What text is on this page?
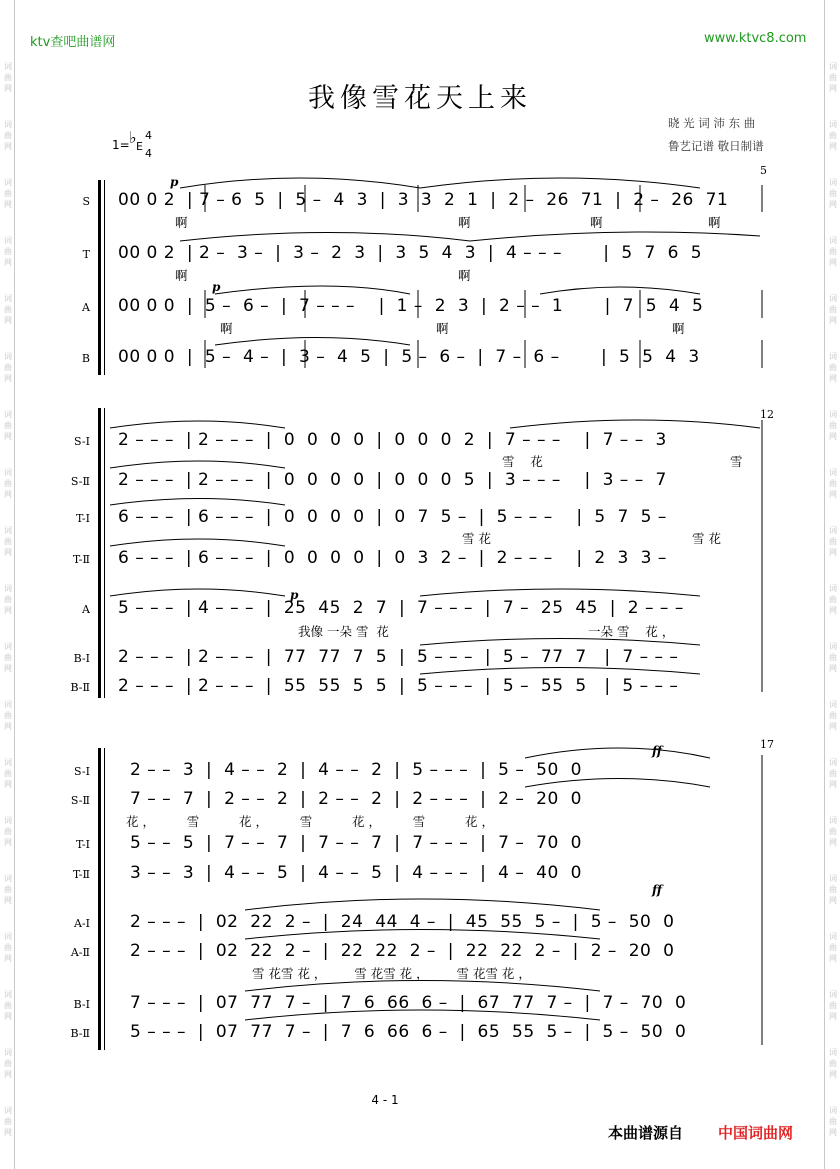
词
曲
网
词
曲
网
词
曲
网
词
曲
网
词
曲
网
词
曲
网
词
曲
网
词
曲
网
词
曲
网
词
曲
网
词
曲
网
词
曲
网
词
曲
网
词
曲
网
词
曲
网
词
曲
网
词
曲
网
词
曲
网
词
曲
网
词
曲
网
词
曲
网
词
曲
网
词
曲
网
词
曲
网
词
曲
网
词
曲
网
词
曲
网
词
曲
网
词
曲
网
词
曲
网
词
曲
网
词
曲
网
词
曲
网
词
曲
网
词
曲
网
词
曲
网
词
曲
网
词
曲
网
ktv查吧曲谱网	www.ktvc8.com
我像雪花天上来
晓 光 词 沛 东 曲
鲁艺记谱 敬日制谱
1= ♭ E
4
4
5
p
p
S 00 0 2  | 7 – 6  5  |  5 –  4  3  |  3  3  2  1  |  2 –  26  71  |  2 –  26  71
啊	啊	啊	啊
T 00 0 2  | 2 –  3 –  |  3 –  2  3  |  3  5  4  3  |  4 – – –       |  5  7  6  5
啊	啊
A 00 0 0  |  5 –  6 –  |  7 – – –    |  1 –  2  3  |  2 – –  1       |  7  5  4  5
啊	啊	啊
B 00 0 0  |  5 –  4 –  |  3 –  4  5  |  5 –  6 –  |  7 –  6 –       |  5  5  4  3
12
p
S-Ⅰ 2 – – –  | 2 – – –  |  0  0  0  0  |  0  0  0  2  |  7 – – –    |  7 – –  3
雪    花	雪
S-Ⅱ 2 – – –  | 2 – – –  |  0  0  0  0  |  0  0  0  5  |  3 – – –    |  3 – –  7
T-Ⅰ 6 – – –  | 6 – – –  |  0  0  0  0  |  0  7  5 –  |  5 – – –    |  5  7  5 –
雪 花	雪 花
T-Ⅱ 6 – – –  | 6 – – –  |  0  0  0  0  |  0  3  2 –  |  2 – – –    |  2  3  3 –
A 5 – – –  | 4 – – –  |  25  45  2  7  |  7 – – –  |  7 –  25  45  |  2 – – –
我像 一朵 雪  花	一朵 雪    花 ，
B-Ⅰ 2 – – –  | 2 – – –  |  77  77  7  5  |  5 – – –  |  5 –  77  7   |  7 – – –
B-Ⅱ 2 – – –  | 2 – – –  |  55  55  5  5  |  5 – – –  |  5 –  55  5   |  5 – – –
17
ff
ff
S-Ⅰ 2 – –  3  |  4 – –  2  |  4 – –  2  |  5 – – –  |  5 –  50  0
S-Ⅱ 7 – –  7  |  2 – –  2  |  2 – –  2  |  2 – – –  |  2 –  20  0
花 ，        雪          花 ，        雪          花 ，        雪          花 ，
T-Ⅰ 5 – –  5  |  7 – –  7  |  7 – –  7  |  7 – – –  |  7 –  70  0
T-Ⅱ 3 – –  3  |  4 – –  5  |  4 – –  5  |  4 – – –  |  4 –  40  0
A-Ⅰ 2 – – –  |  02  22  2 –  |  24  44  4 –  |  45  55  5 –  |  5 –  50  0
A-Ⅱ 2 – – –  |  02  22  2 –  |  22  22  2 –  |  22  22  2 –  |  2 –  20  0
雪 花雪 花 ，       雪 花雪 花 ，       雪 花雪 花 ，
B-Ⅰ 7 – – –  |  07  77  7 –  |  7  6  66  6 –  |  67  77  7 –  |  7 –  70  0
B-Ⅱ 5 – – –  |  07  77  7 –  |  7  6  66  6 –  |  65  55  5 –  |  5 –  50  0
4 - 1
本曲谱源自 中国词曲网
